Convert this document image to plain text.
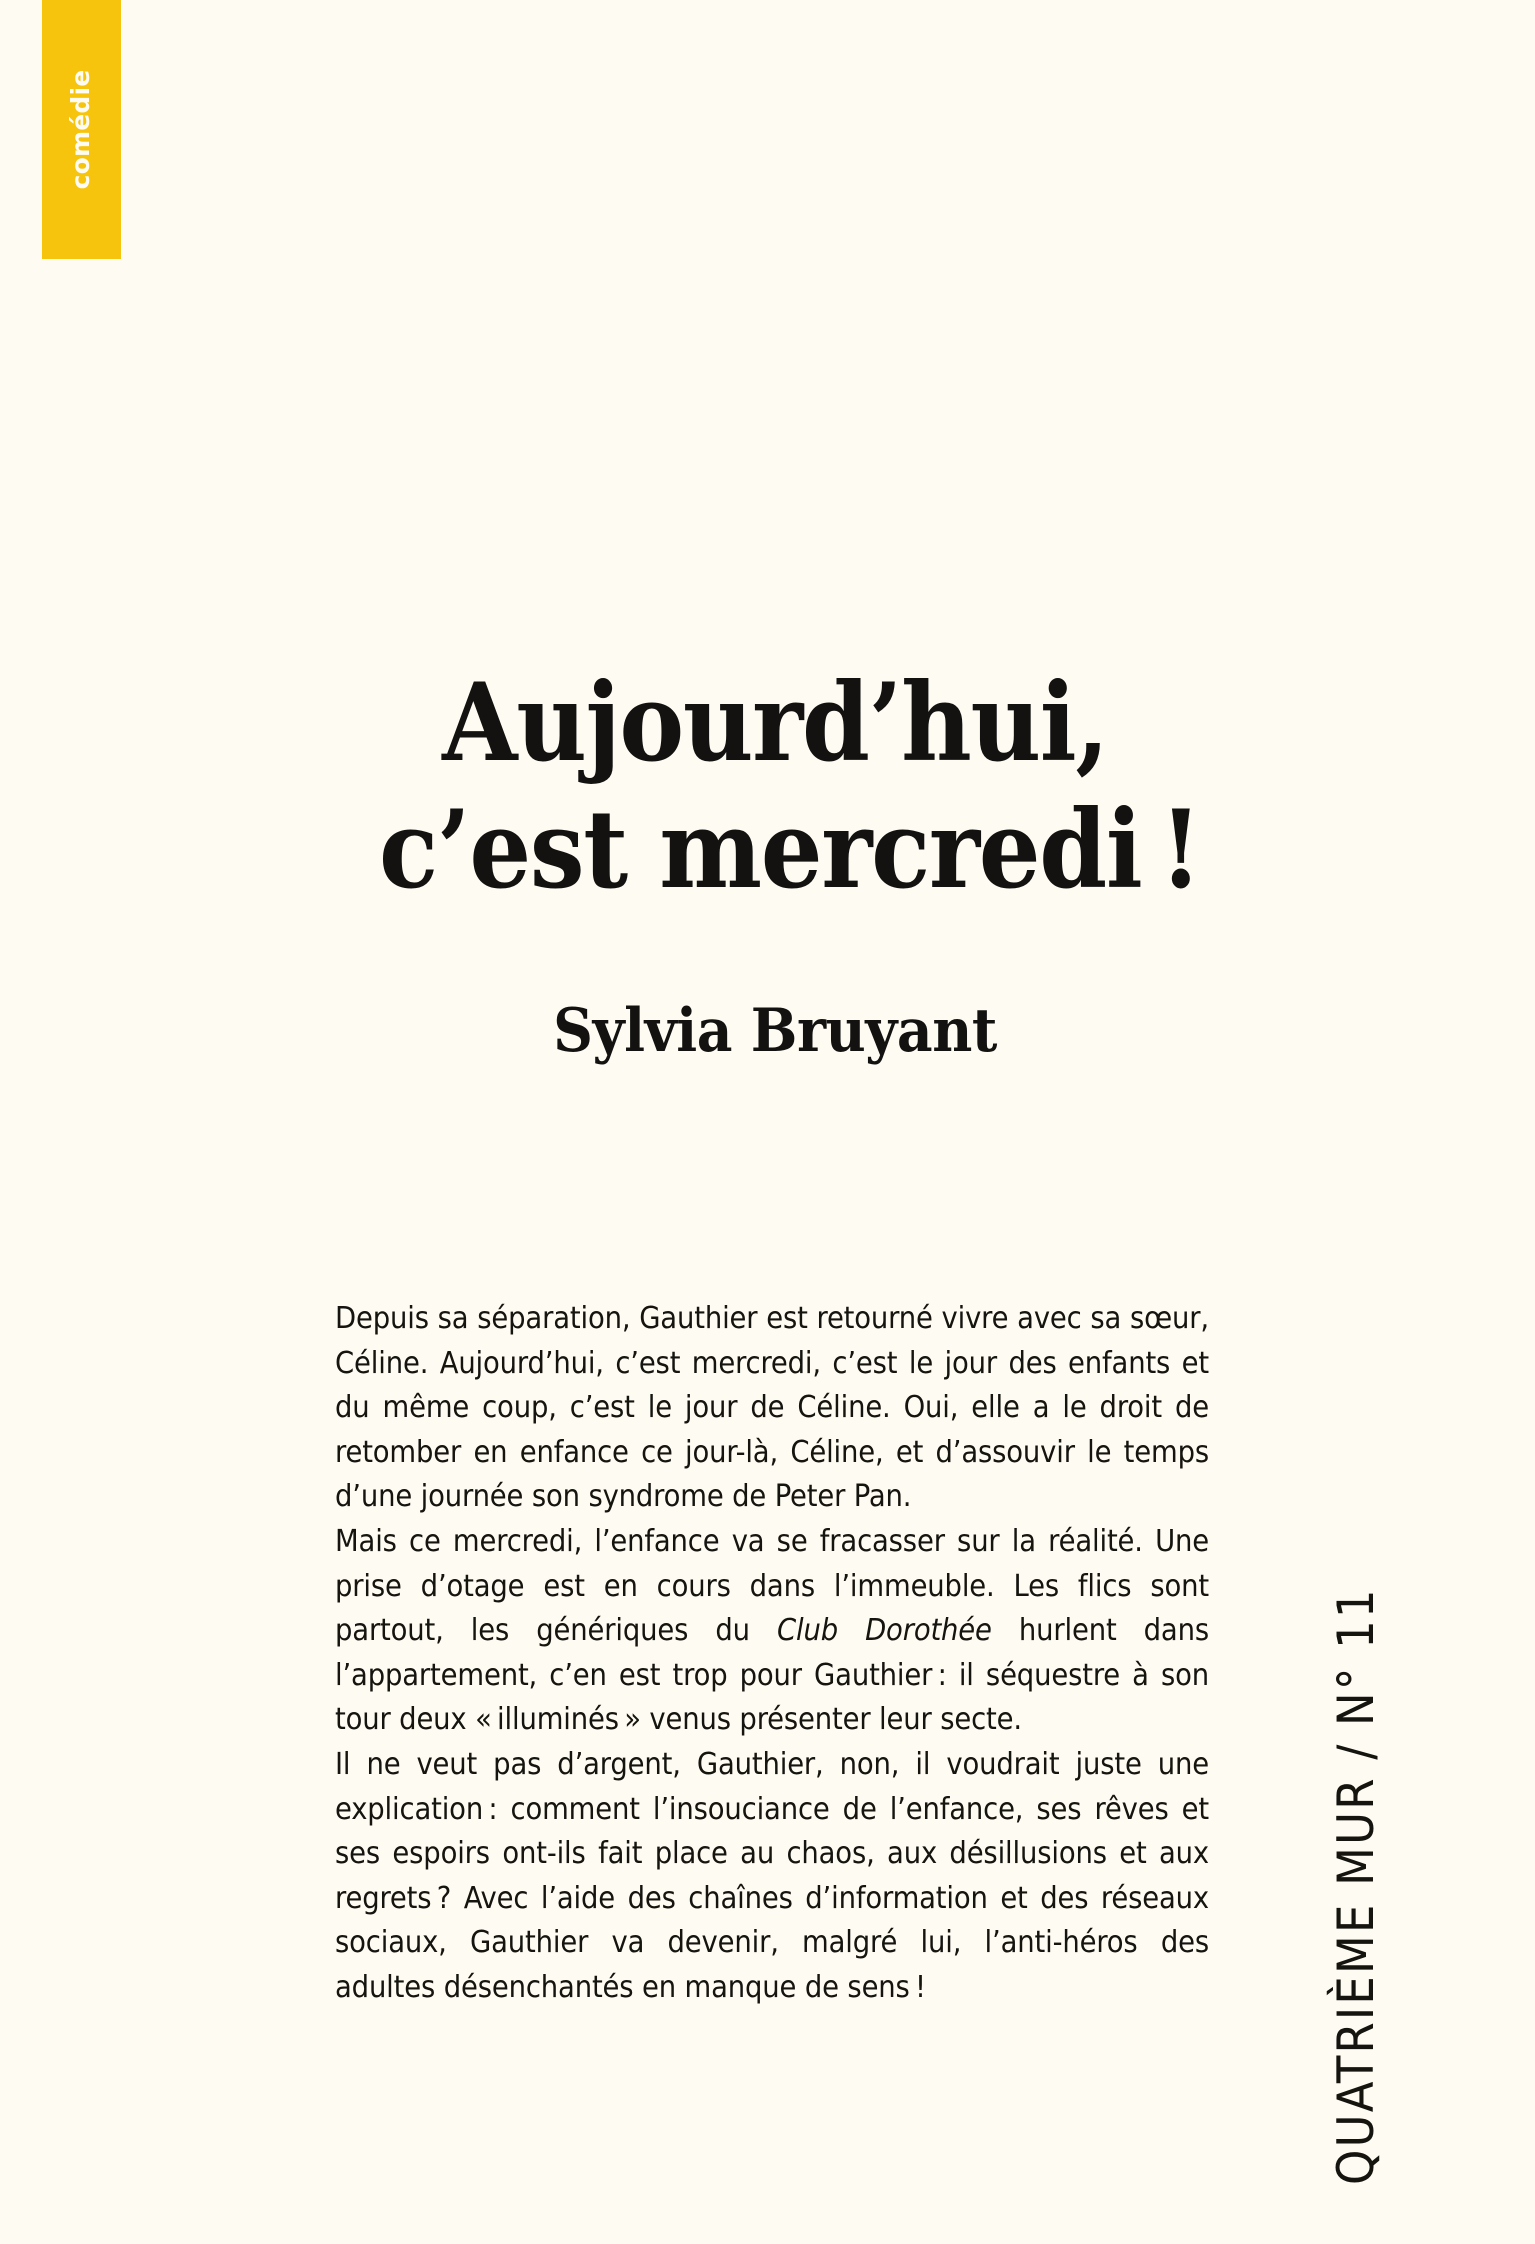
comédie
Aujourd’hui,
c’est mercredi !
Sylvia Bruyant

Depuis sa séparation, Gauthier est retourné vivre avec sa sœur, Céline. Aujourd’hui, c’est mercredi, c’est le jour des enfants et du même coup, c’est le jour de Céline. Oui, elle a le droit de retomber en enfance ce jour-là, Céline, et d’assouvir le temps d’une journée son syndrome de Peter Pan.

Mais ce mercredi, l’enfance va se fracasser sur la réalité. Une prise d’otage est en cours dans l’immeuble. Les flics sont partout, les génériques du Club Dorothée hurlent dans l’appartement, c’en est trop pour Gauthier : il séquestre à son tour deux « illuminés » venus présenter leur secte.

Il ne veut pas d’argent, Gauthier, non, il voudrait juste une explication : comment l’insouciance de l’enfance, ses rêves et ses espoirs ont-ils fait place au chaos, aux désillusions et aux regrets ? Avec l’aide des chaînes d’information et des réseaux sociaux, Gauthier va devenir, malgré lui, l’anti-héros des adultes désenchantés en manque de sens !	QUATRIÈME MUR / N° 11
